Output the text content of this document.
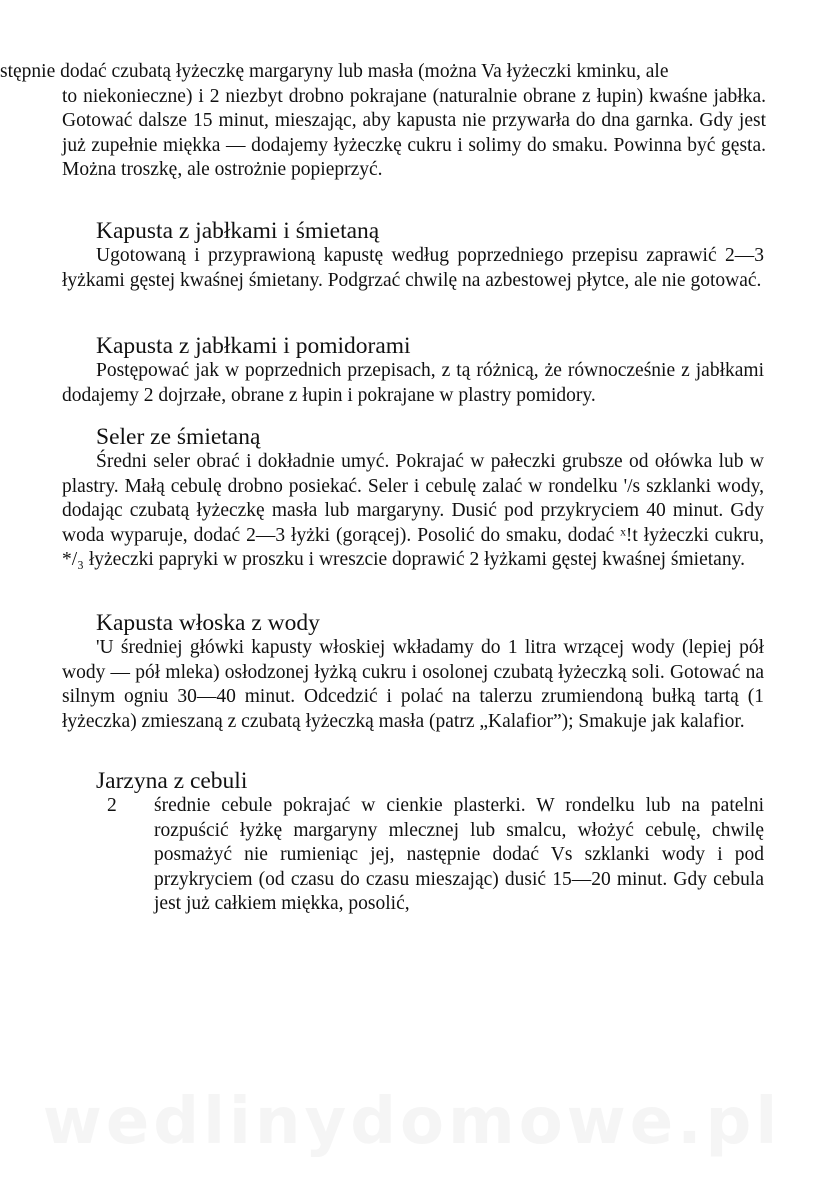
stępnie dodać czubatą łyżeczkę margaryny lub masła (można Va łyżeczki kminku, ale
to niekonieczne) i 2 niezbyt drobno pokrajane (naturalnie obrane z łupin) kwaśne jabłka. Gotować dalsze 15 minut, mieszając, aby kapusta nie przywarła do dna garnka. Gdy jest już zupełnie miękka — dodajemy łyżeczkę cukru i solimy do smaku. Powinna być gęsta. Można troszkę, ale ostrożnie popieprzyć.
Kapusta z jabłkami i śmietaną

Ugotowaną i przyprawioną kapustę według poprzedniego przepisu zaprawić 2—3 łyżkami gęstej kwaśnej śmietany. Podgrzać chwilę na azbestowej płytce, ale nie gotować.

Kapusta z jabłkami i pomidorami

Postępować jak w poprzednich przepisach, z tą różnicą, że równocześnie z jabłkami dodajemy 2 dojrzałe, obrane z łupin i pokrajane w plastry pomidory.

Seler ze śmietaną

Średni seler obrać i dokładnie umyć. Pokrajać w pałeczki grubsze od ołówka lub w plastry. Małą cebulę drobno posiekać. Seler i cebulę zalać w rondelku '/s szklanki wody, dodając czubatą łyżeczkę masła lub margaryny. Dusić pod przykryciem 40 minut. Gdy woda wyparuje, dodać 2—3 łyżki (gorącej). Posolić do smaku, dodać ˣ!t łyżeczki cukru, */₃ łyżeczki papryki w proszku i wreszcie doprawić 2 łyżkami gęstej kwaśnej śmietany.

Kapusta włoska z wody

'U średniej główki kapusty włoskiej wkładamy do 1 litra wrzącej wody (lepiej pół wody — pół mleka) osłodzonej łyżką cukru i osolonej czubatą łyżeczką soli. Gotować na silnym ogniu 30—40 minut. Odcedzić i polać na talerzu zrumiendoną bułką tartą (1 łyżeczka) zmieszaną z czubatą łyżeczką masła (patrz „Kalafior”); Smakuje jak kalafior.

Jarzyna z cebuli

2 średnie cebule pokrajać w cienkie plasterki. W rondelku lub na patelni rozpuścić łyżkę margaryny mlecznej lub smalcu, włożyć cebulę, chwilę posmażyć nie rumieniąc jej, następnie dodać Vs szklanki wody i pod przykryciem (od czasu do czasu mieszając) dusić 15—20 minut. Gdy cebula jest już całkiem miękka, posolić,

wedlinydomowe.pl
